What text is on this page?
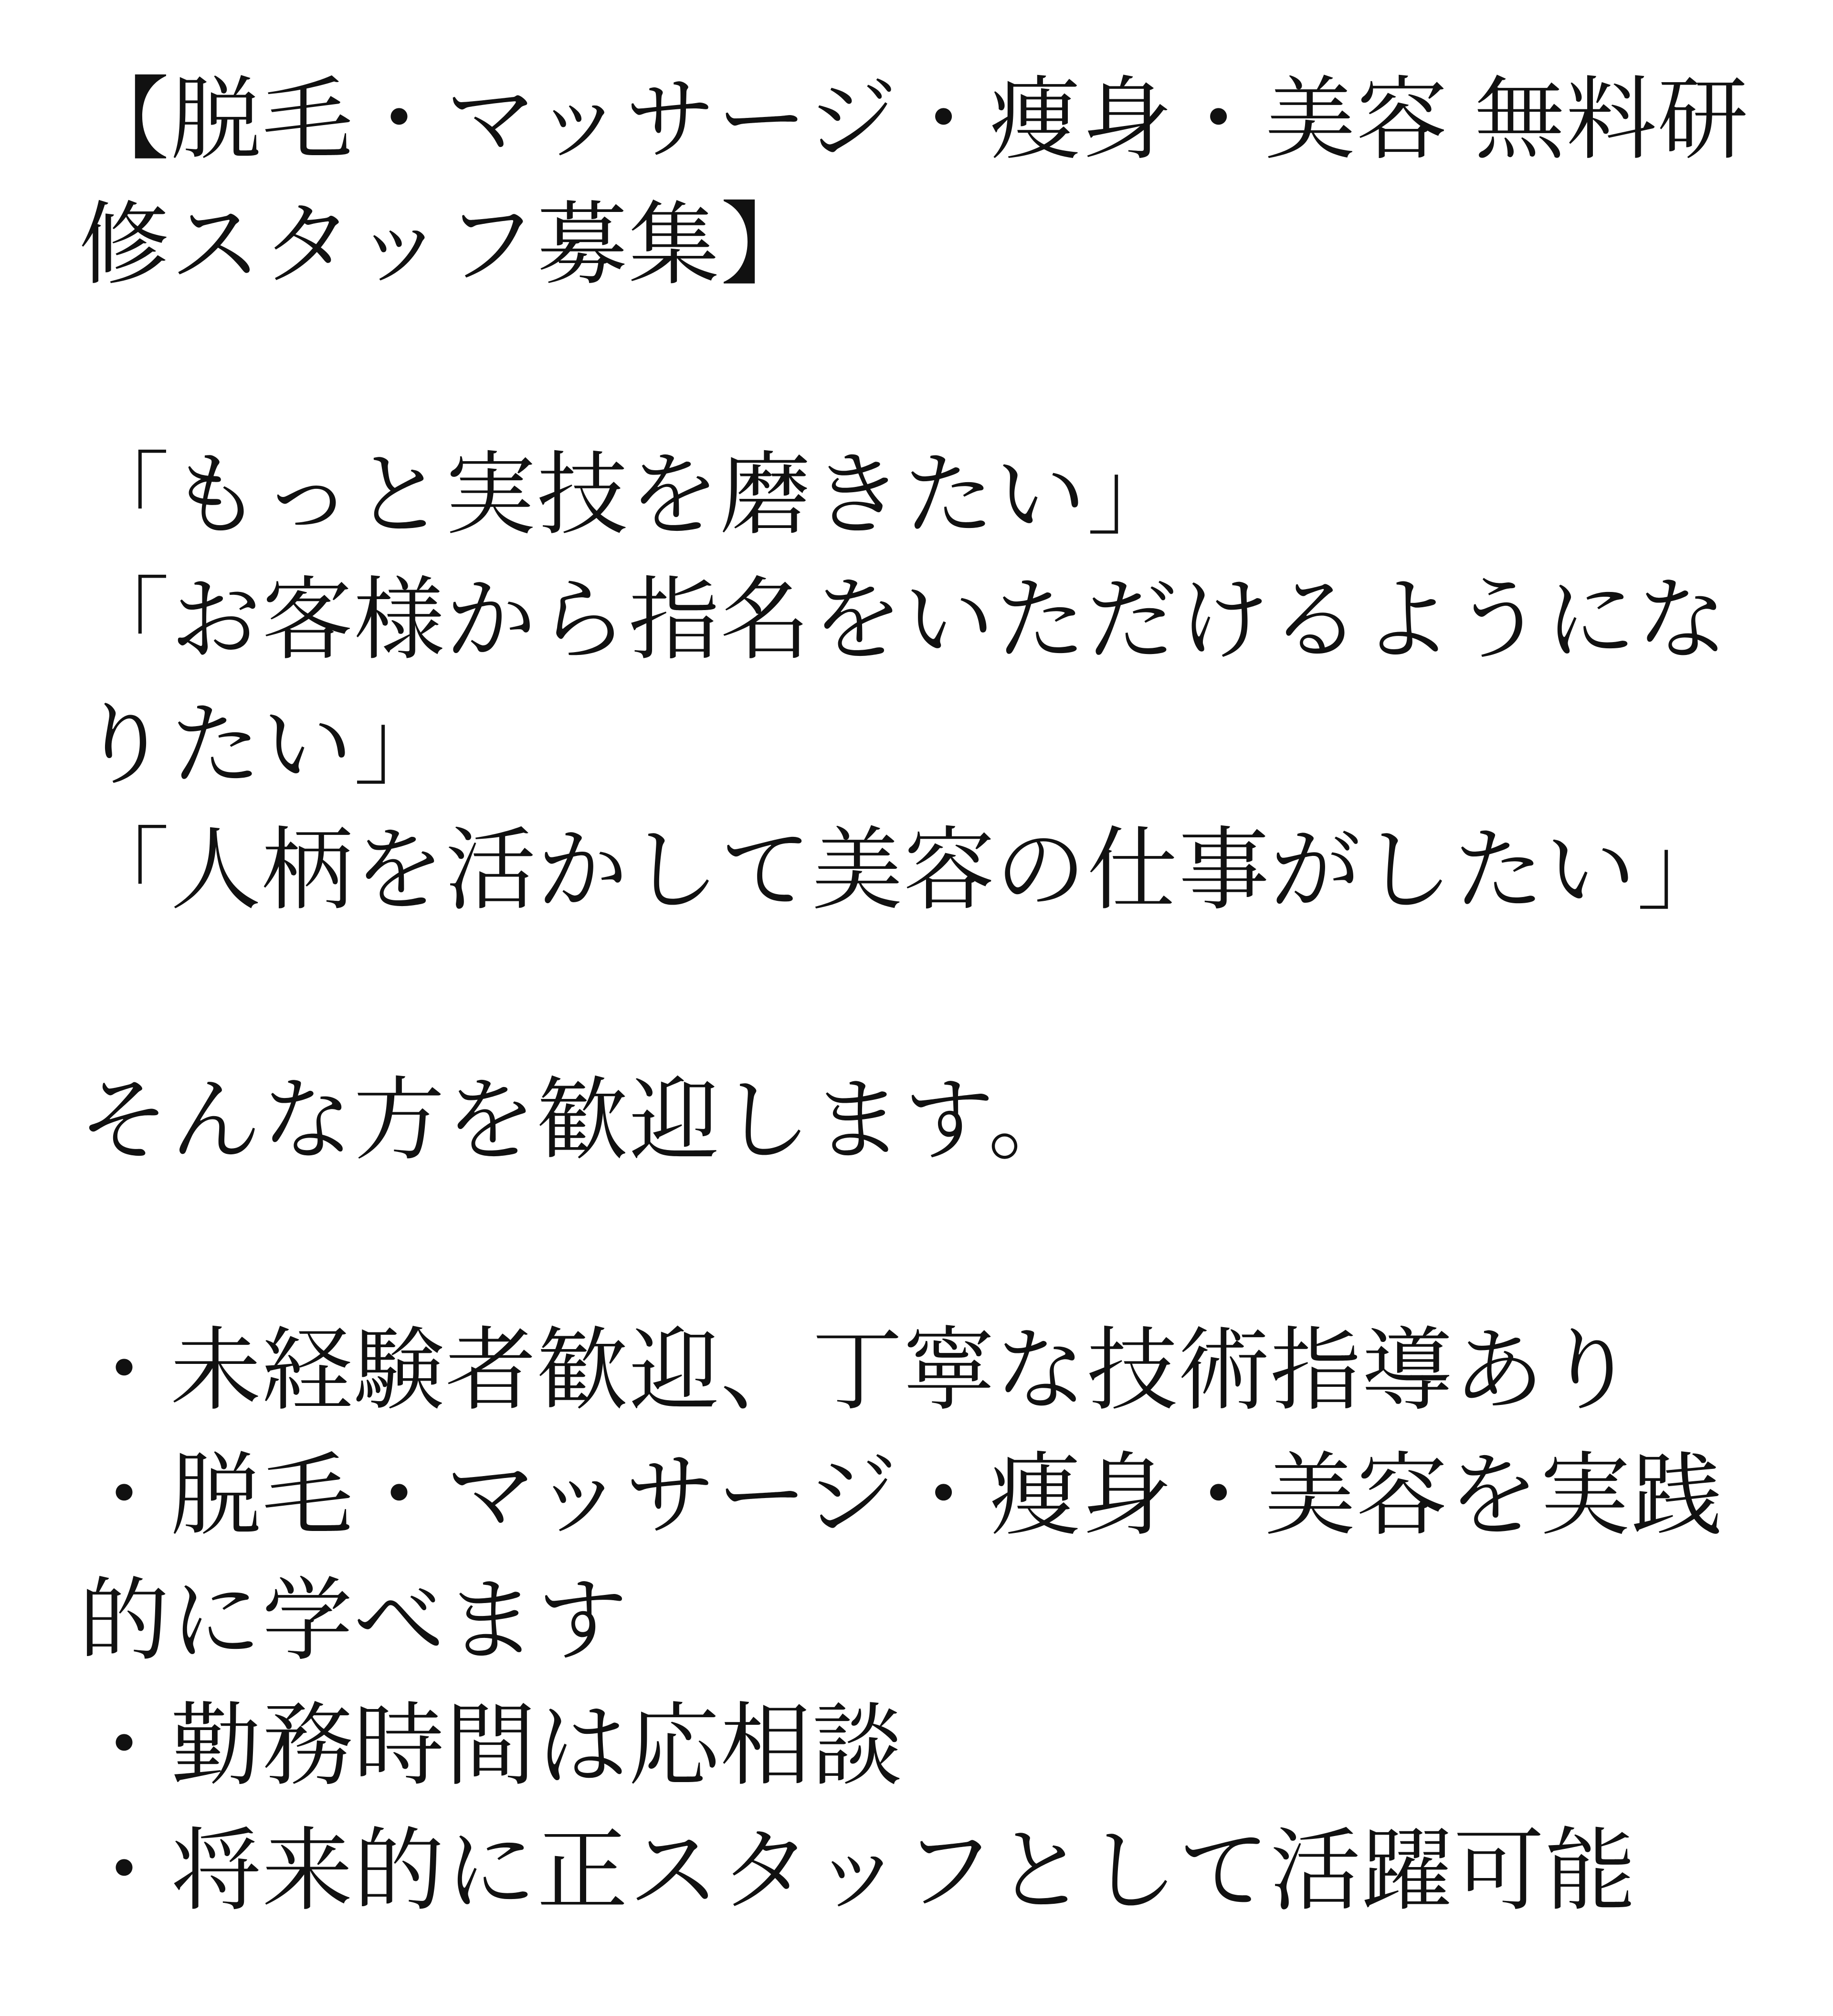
【脱毛・マッサージ・痩身・美容 無料研

修スタッフ募集】

「もっと実技を磨きたい」

「お客様から指名をいただけるようにな

りたい」

「人柄を活かして美容の仕事がしたい」

そんな方を歓迎します。

・未経験者歓迎、丁寧な技術指導あり

・脱毛・マッサージ・痩身・美容を実践

的に学べます

・勤務時間は応相談

・将来的に正スタッフとして活躍可能
